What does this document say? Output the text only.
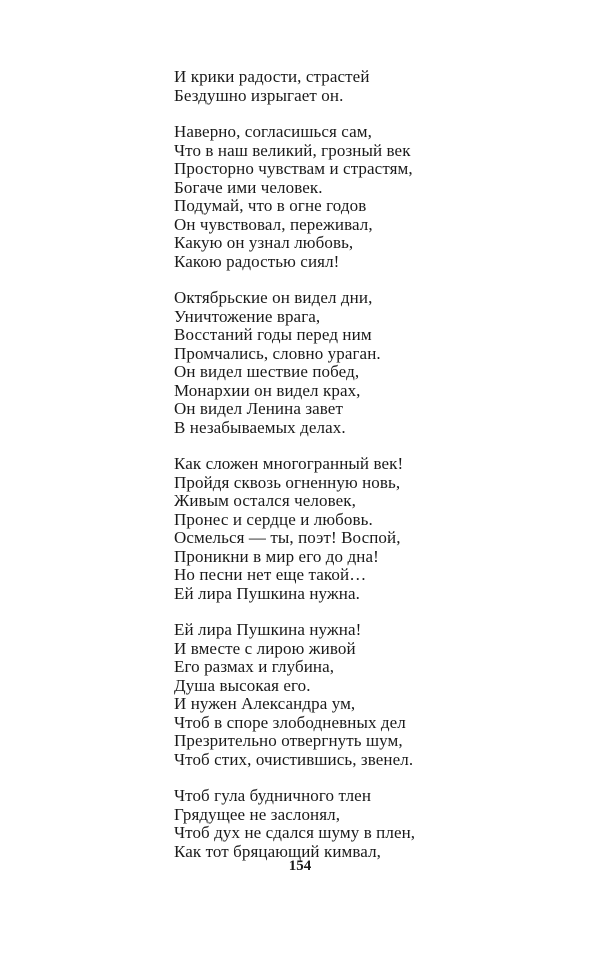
И крики радости, страстей
Бездушно изрыгает он.
Наверно, согласишься сам,
Что в наш великий, грозный век
Просторно чувствам и страстям,
Богаче ими человек.
Подумай, что в огне годов
Он чувствовал, переживал,
Какую он узнал любовь,
Какою радостью сиял!
Октябрьские он видел дни,
Уничтожение врага,
Восстаний годы перед ним
Промчались, словно ураган.
Он видел шествие побед,
Монархии он видел крах,
Он видел Ленина завет
В незабываемых делах.
Как сложен многогранный век!
Пройдя сквозь огненную новь,
Живым остался человек,
Пронес и сердце и любовь.
Осмелься — ты, поэт! Воспой,
Проникни в мир его до дна!
Но песни нет еще такой…
Ей лира Пушкина нужна.
Ей лира Пушкина нужна!
И вместе с лирою живой
Его размах и глубина,
Душа высокая его.
И нужен Александра ум,
Чтоб в споре злободневных дел
Презрительно отвергнуть шум,
Чтоб стих, очистившись, звенел.
Чтоб гула будничного тлен
Грядущее не заслонял,
Чтоб дух не сдался шуму в плен,
Как тот бряцающий кимвал,
154
